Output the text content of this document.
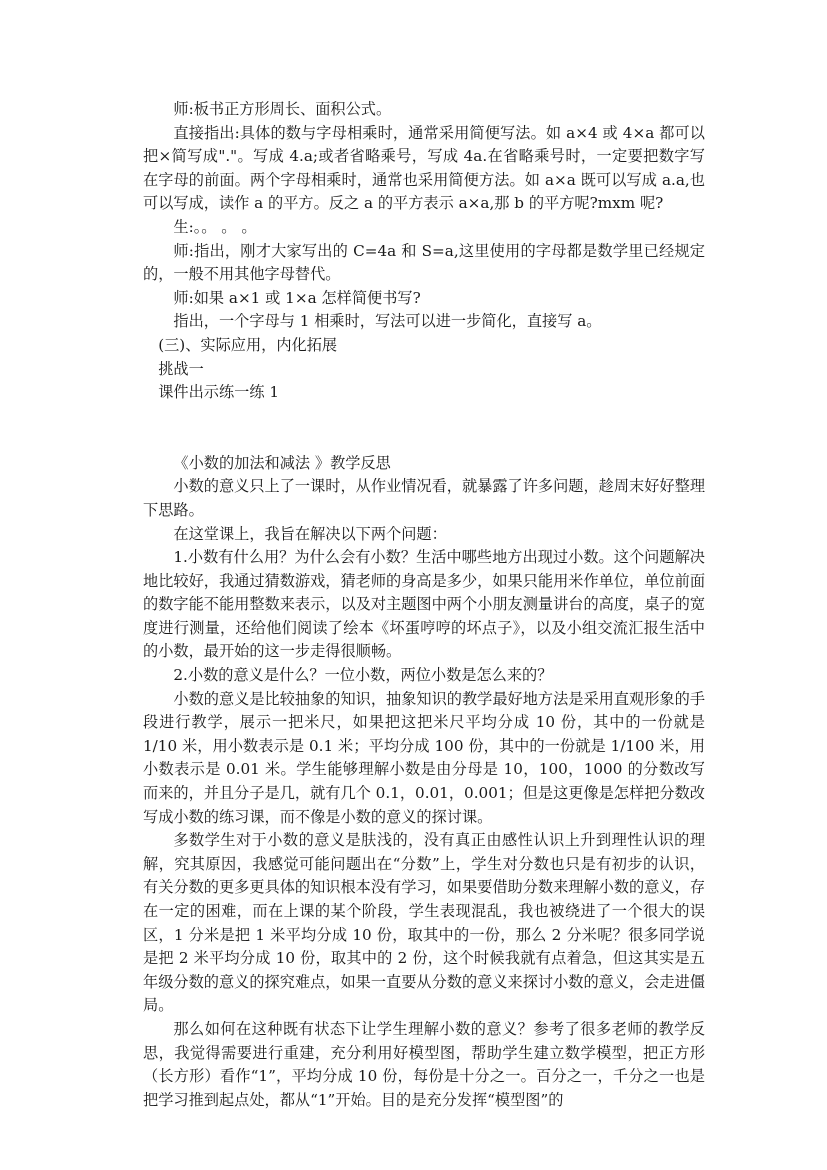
师:板书正方形周长、面积公式。

直接指出:具体的数与字母相乘时，通常采用简便写法。如 a×4 或 4×a 都可以把×简写成"."。写成 4.a;或者省略乘号，写成 4a.在省略乘号时，一定要把数字写在字母的前面。两个字母相乘时，通常也采用简便方法。如 a×a 既可以写成 a.a,也可以写成，读作 a 的平方。反之 a 的平方表示 a×a,那 b 的平方呢?mxm 呢?

生:。。 。 。

师:指出，刚才大家写出的 C=4a 和 S=a,这里使用的字母都是数学里已经规定的，一般不用其他字母替代。

师:如果 a×1 或 1×a 怎样简便书写?

指出，一个字母与 1 相乘时，写法可以进一步简化，直接写 a。

(三)、实际应用，内化拓展

挑战一

课件出示练一练 1

《小数的加法和减法 》教学反思

小数的意义只上了一课时，从作业情况看，就暴露了许多问题，趁周末好好整理下思路。

在这堂课上，我旨在解决以下两个问题：

1.小数有什么用？为什么会有小数？生活中哪些地方出现过小数。这个问题解决地比较好，我通过猜数游戏，猜老师的身高是多少，如果只能用米作单位，单位前面的数字能不能用整数来表示，以及对主题图中两个小朋友测量讲台的高度，桌子的宽度进行测量，还给他们阅读了绘本《坏蛋哼哼的坏点子》，以及小组交流汇报生活中的小数，最开始的这一步走得很顺畅。

2.小数的意义是什么？一位小数，两位小数是怎么来的？

小数的意义是比较抽象的知识，抽象知识的教学最好地方法是采用直观形象的手段进行教学，展示一把米尺，如果把这把米尺平均分成 10 份，其中的一份就是 1/10 米，用小数表示是 0.1 米；平均分成 100 份，其中的一份就是 1/100 米，用小数表示是 0.01 米。学生能够理解小数是由分母是 10，100，1000 的分数改写而来的，并且分子是几，就有几个 0.1，0.01，0.001；但是这更像是怎样把分数改写成小数的练习课，而不像是小数的意义的探讨课。

多数学生对于小数的意义是肤浅的，没有真正由感性认识上升到理性认识的理解，究其原因，我感觉可能问题出在“分数”上，学生对分数也只是有初步的认识，有关分数的更多更具体的知识根本没有学习，如果要借助分数来理解小数的意义，存在一定的困难，而在上课的某个阶段，学生表现混乱，我也被绕进了一个很大的误区，1 分米是把 1 米平均分成 10 份，取其中的一份，那么 2 分米呢？很多同学说是把 2 米平均分成 10 份，取其中的 2 份，这个时候我就有点着急，但这其实是五年级分数的意义的探究难点，如果一直要从分数的意义来探讨小数的意义，会走进僵局。

那么如何在这种既有状态下让学生理解小数的意义？参考了很多老师的教学反思，我觉得需要进行重建，充分利用好模型图，帮助学生建立数学模型，把正方形（长方形）看作“1”，平均分成 10 份，每份是十分之一。百分之一，千分之一也是把学习推到起点处，都从“1”开始。目的是充分发挥“模型图”的
